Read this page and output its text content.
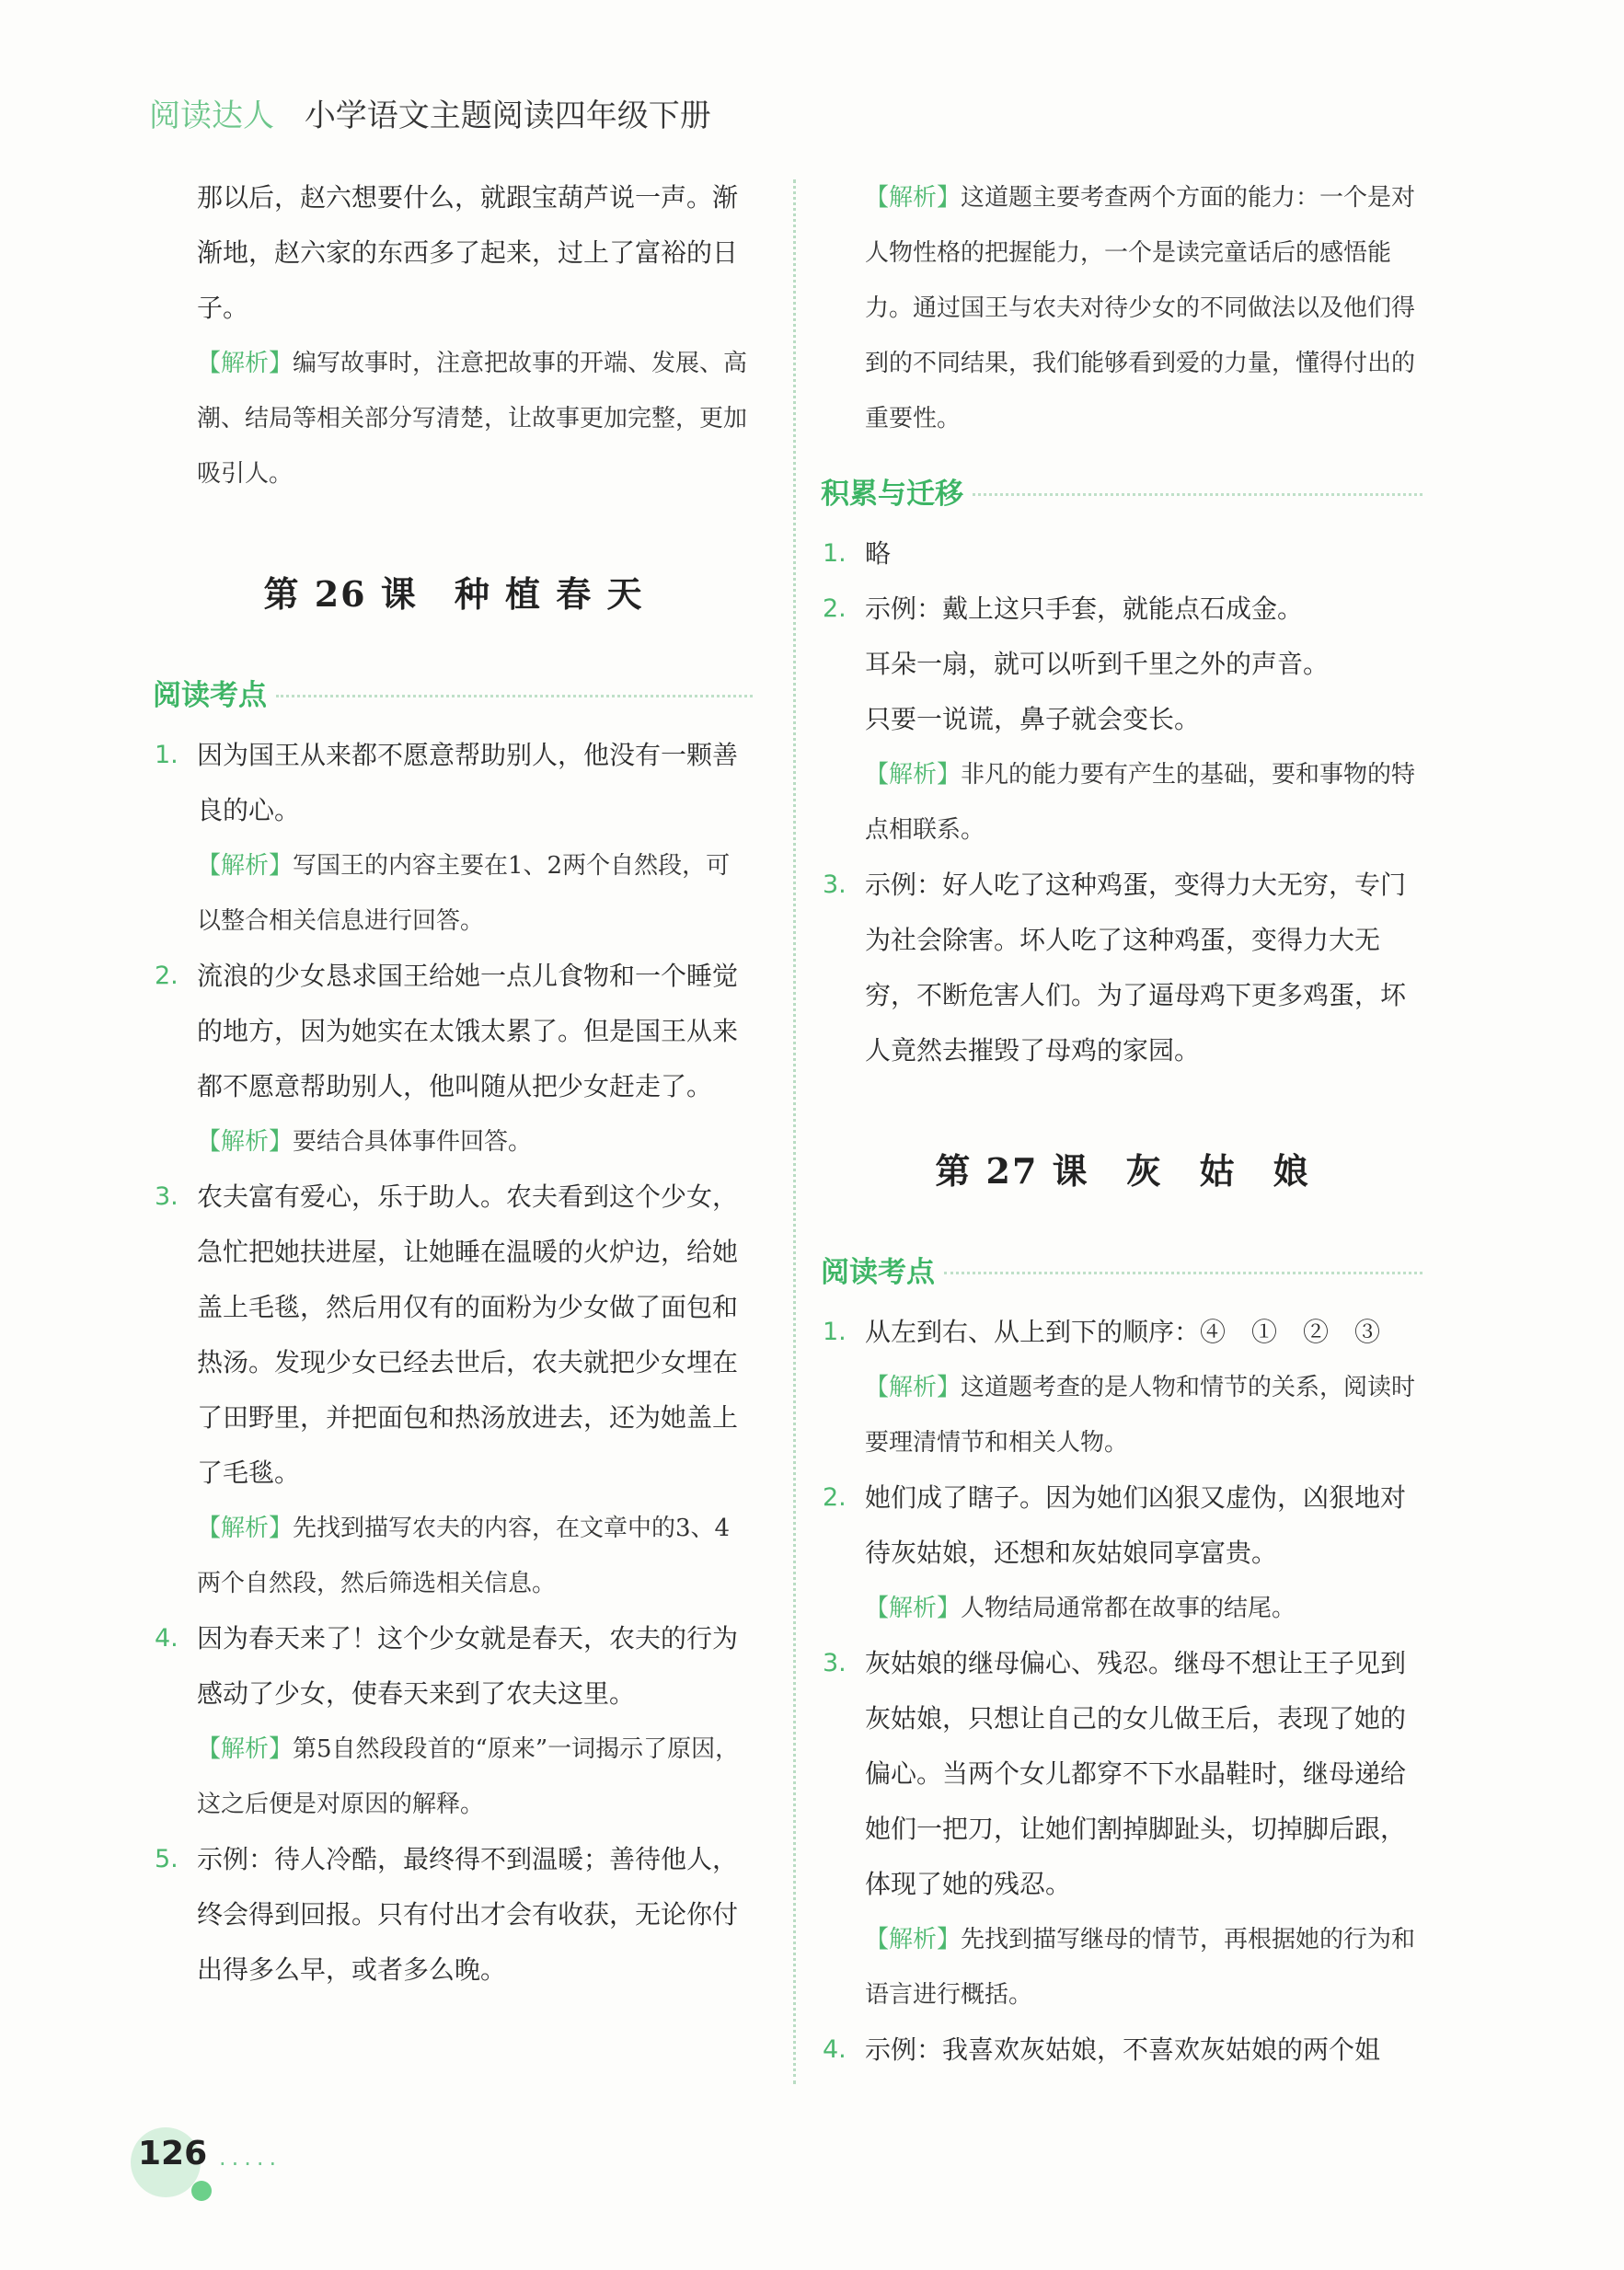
阅读达人 小学语文主题阅读四年级下册

那以后，赵六想要什么，就跟宝葫芦说一声。渐渐地，赵六家的东西多了起来，过上了富裕的日子。

【解析】编写故事时，注意把故事的开端、发展、高潮、结局等相关部分写清楚，让故事更加完整，更加吸引人。

第 26 课　种 植 春 天
阅读考点

1. 因为国王从来都不愿意帮助别人，他没有一颗善良的心。

【解析】写国王的内容主要在1、2两个自然段，可以整合相关信息进行回答。

2. 流浪的少女恳求国王给她一点儿食物和一个睡觉的地方，因为她实在太饿太累了。但是国王从来都不愿意帮助别人，他叫随从把少女赶走了。

【解析】要结合具体事件回答。

3. 农夫富有爱心，乐于助人。农夫看到这个少女，急忙把她扶进屋，让她睡在温暖的火炉边，给她盖上毛毯，然后用仅有的面粉为少女做了面包和热汤。发现少女已经去世后，农夫就把少女埋在了田野里，并把面包和热汤放进去，还为她盖上了毛毯。

【解析】先找到描写农夫的内容，在文章中的3、4两个自然段，然后筛选相关信息。

4. 因为春天来了！这个少女就是春天，农夫的行为感动了少女，使春天来到了农夫这里。

【解析】第5自然段段首的“原来”一词揭示了原因，这之后便是对原因的解释。

5. 示例：待人冷酷，最终得不到温暖；善待他人，终会得到回报。只有付出才会有收获，无论你付出得多么早，或者多么晚。

【解析】这道题主要考查两个方面的能力：一个是对人物性格的把握能力，一个是读完童话后的感悟能力。通过国王与农夫对待少女的不同做法以及他们得到的不同结果，我们能够看到爱的力量，懂得付出的重要性。

积累与迁移

1. 略

2. 示例：戴上这只手套，就能点石成金。

耳朵一扇，就可以听到千里之外的声音。

只要一说谎，鼻子就会变长。

【解析】非凡的能力要有产生的基础，要和事物的特点相联系。

3. 示例：好人吃了这种鸡蛋，变得力大无穷，专门为社会除害。坏人吃了这种鸡蛋，变得力大无穷，不断危害人们。为了逼母鸡下更多鸡蛋，坏人竟然去摧毁了母鸡的家园。

第 27 课　灰　姑　娘
阅读考点

1. 从左到右、从上到下的顺序：④　①　②　③

【解析】这道题考查的是人物和情节的关系，阅读时要理清情节和相关人物。

2. 她们成了瞎子。因为她们凶狠又虚伪，凶狠地对待灰姑娘，还想和灰姑娘同享富贵。

【解析】人物结局通常都在故事的结尾。

3. 灰姑娘的继母偏心、残忍。继母不想让王子见到灰姑娘，只想让自己的女儿做王后，表现了她的偏心。当两个女儿都穿不下水晶鞋时，继母递给她们一把刀，让她们割掉脚趾头，切掉脚后跟，体现了她的残忍。

【解析】先找到描写继母的情节，再根据她的行为和语言进行概括。

4. 示例：我喜欢灰姑娘，不喜欢灰姑娘的两个姐

126 ·····
